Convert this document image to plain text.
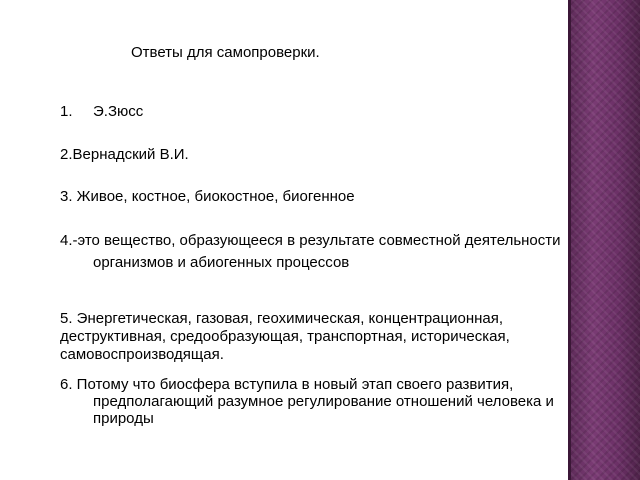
Ответы для самопроверки.
1. Э.Зюсс
2.Вернадский В.И.
3. Живое, костное, биокостное, биогенное
4.-это вещество, образующееся в результате совместной деятельности организмов и абиогенных процессов
5. Энергетическая, газовая, геохимическая, концентрационная, деструктивная, средообразующая, транспортная, историческая, самовоспроизводящая.
6. Потому что биосфера вступила в новый этап своего развития, предполагающий разумное регулирование отношений человека и природы
